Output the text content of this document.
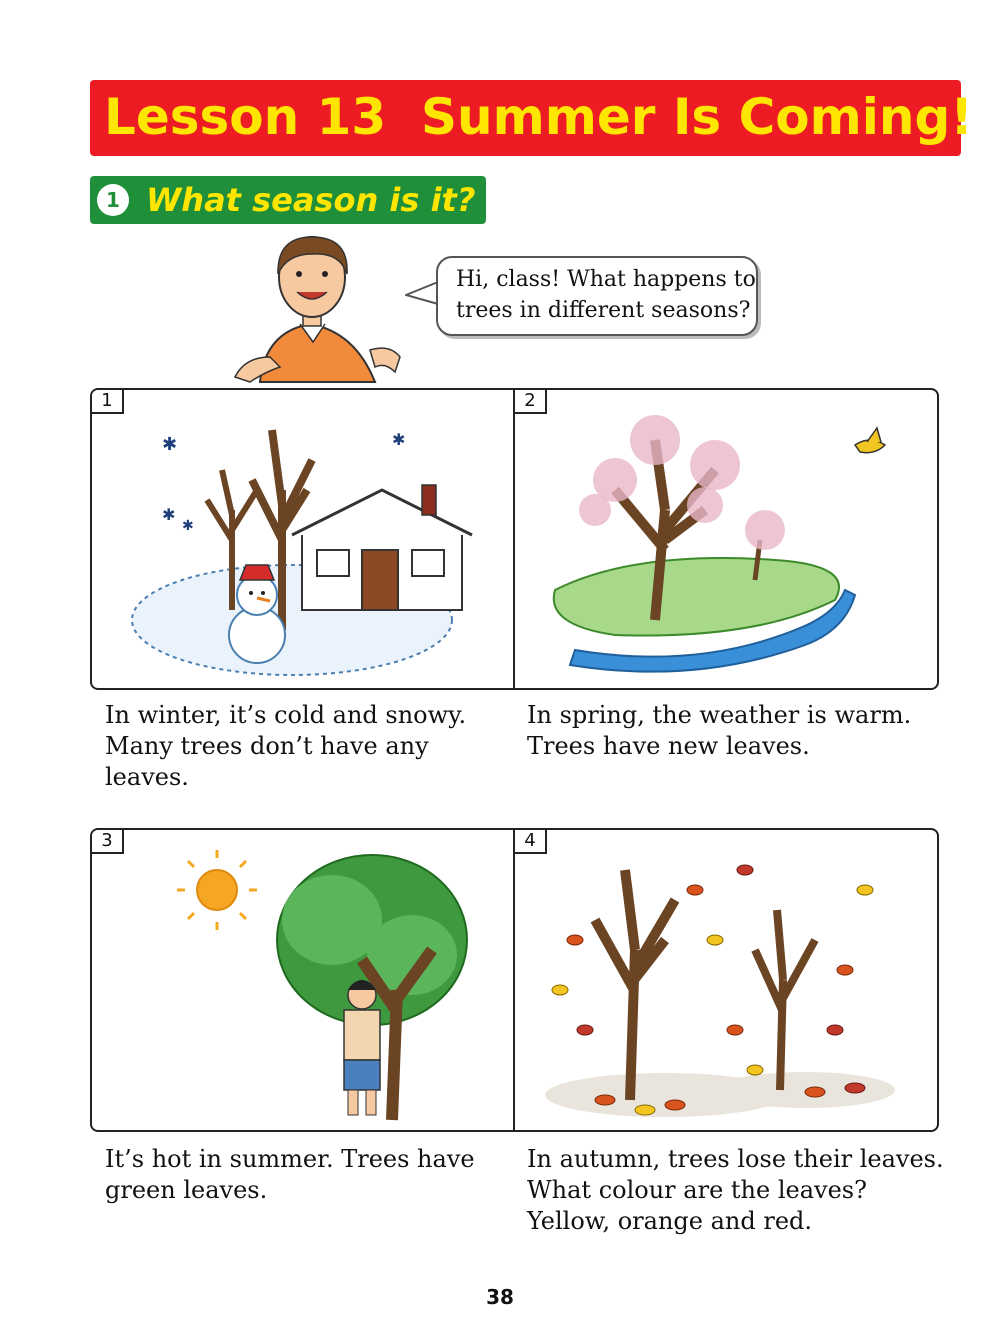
Lesson 13  Summer Is Coming!
1 What season is it?
Hi, class! What happens to
trees in different seasons?
✱	✱
✱
✱
1	2
In winter, it’s cold and snowy.
Many trees don’t have any
leaves.
In spring, the weather is warm.
Trees have new leaves.
3	4
It’s hot in summer. Trees have
green leaves.
In autumn, trees lose their leaves.
What colour are the leaves?
Yellow, orange and red.
38
